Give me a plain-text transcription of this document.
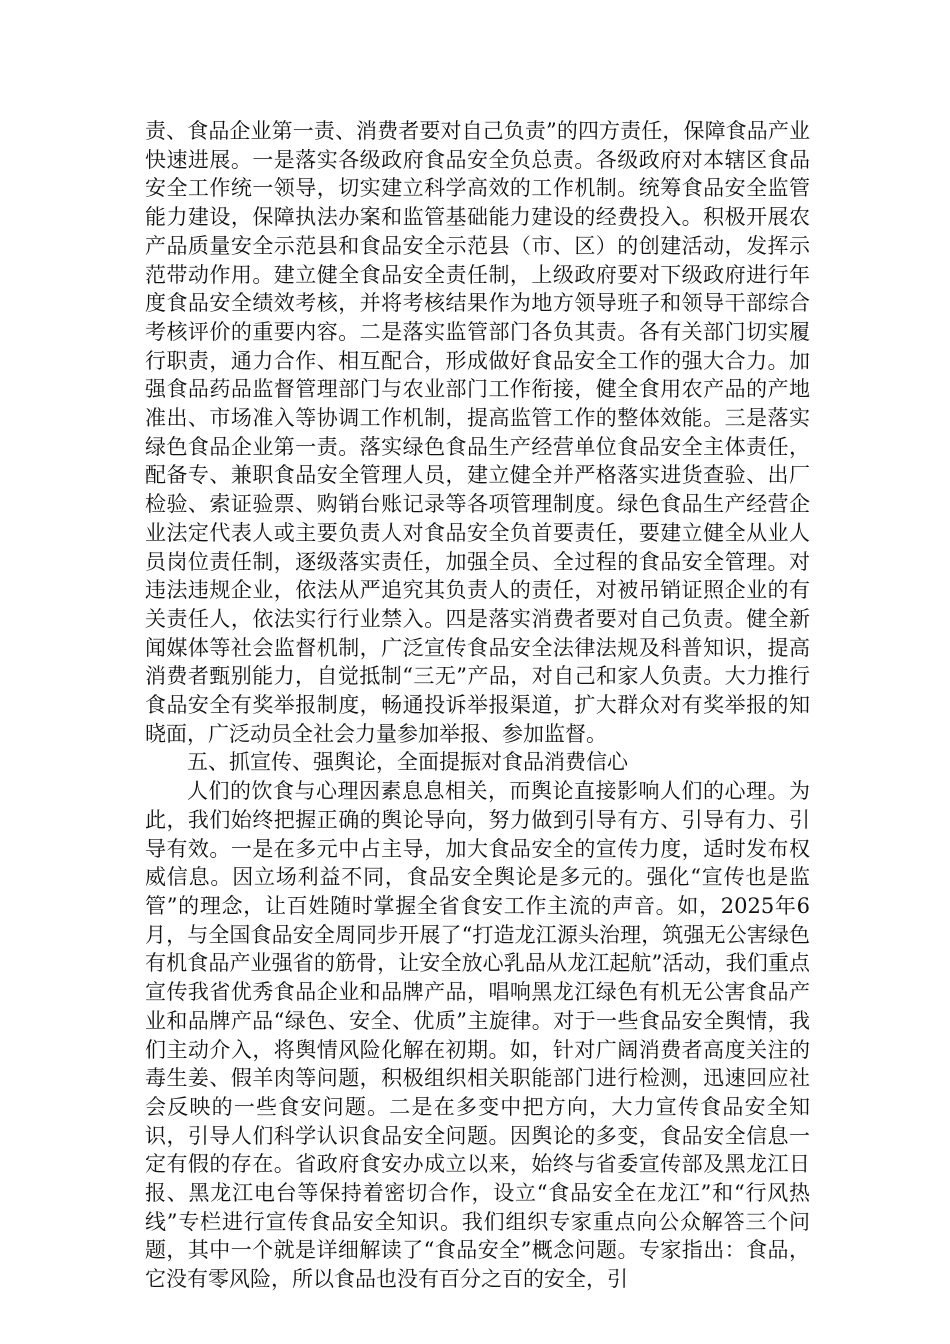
责、食品企业第一责、消费者要对自己负责”的四方责任，保障食品产业快速进展。一是落实各级政府食品安全负总责。各级政府对本辖区食品安全工作统一领导，切实建立科学高效的工作机制。统筹食品安全监管能力建设，保障执法办案和监管基础能力建设的经费投入。积极开展农产品质量安全示范县和食品安全示范县（市、区）的创建活动，发挥示范带动作用。建立健全食品安全责任制，上级政府要对下级政府进行年度食品安全绩效考核，并将考核结果作为地方领导班子和领导干部综合考核评价的重要内容。二是落实监管部门各负其责。各有关部门切实履行职责，通力合作、相互配合，形成做好食品安全工作的强大合力。加强食品药品监督管理部门与农业部门工作衔接，健全食用农产品的产地准出、市场准入等协调工作机制，提高监管工作的整体效能。三是落实绿色食品企业第一责。落实绿色食品生产经营单位食品安全主体责任，配备专、兼职食品安全管理人员，建立健全并严格落实进货查验、出厂检验、索证验票、购销台账记录等各项管理制度。绿色食品生产经营企业法定代表人或主要负责人对食品安全负首要责任，要建立健全从业人员岗位责任制，逐级落实责任，加强全员、全过程的食品安全管理。对违法违规企业，依法从严追究其负责人的责任，对被吊销证照企业的有关责任人，依法实行行业禁入。四是落实消费者要对自己负责。健全新闻媒体等社会监督机制，广泛宣传食品安全法律法规及科普知识，提高消费者甄别能力，自觉抵制“三无”产品，对自己和家人负责。大力推行食品安全有奖举报制度，畅通投诉举报渠道，扩大群众对有奖举报的知晓面，广泛动员全社会力量参加举报、参加监督。

五、抓宣传、强舆论，全面提振对食品消费信心

人们的饮食与心理因素息息相关，而舆论直接影响人们的心理。为此，我们始终把握正确的舆论导向，努力做到引导有方、引导有力、引导有效。一是在多元中占主导，加大食品安全的宣传力度，适时发布权威信息。因立场利益不同，食品安全舆论是多元的。强化“宣传也是监管”的理念，让百姓随时掌握全省食安工作主流的声音。如，2025年6月，与全国食品安全周同步开展了“打造龙江源头治理，筑强无公害绿色有机食品产业强省的筋骨，让安全放心乳品从龙江起航”活动，我们重点宣传我省优秀食品企业和品牌产品，唱响黑龙江绿色有机无公害食品产业和品牌产品“绿色、安全、优质”主旋律。对于一些食品安全舆情，我们主动介入，将舆情风险化解在初期。如，针对广阔消费者高度关注的毒生姜、假羊肉等问题，积极组织相关职能部门进行检测，迅速回应社会反映的一些食安问题。二是在多变中把方向，大力宣传食品安全知识，引导人们科学认识食品安全问题。因舆论的多变，食品安全信息一定有假的存在。省政府食安办成立以来，始终与省委宣传部及黑龙江日报、黑龙江电台等保持着密切合作，设立“食品安全在龙江”和“行风热线”专栏进行宣传食品安全知识。我们组织专家重点向公众解答三个问题，其中一个就是详细解读了“食品安全”概念问题。专家指出：食品，它没有零风险，所以食品也没有百分之百的安全，引
